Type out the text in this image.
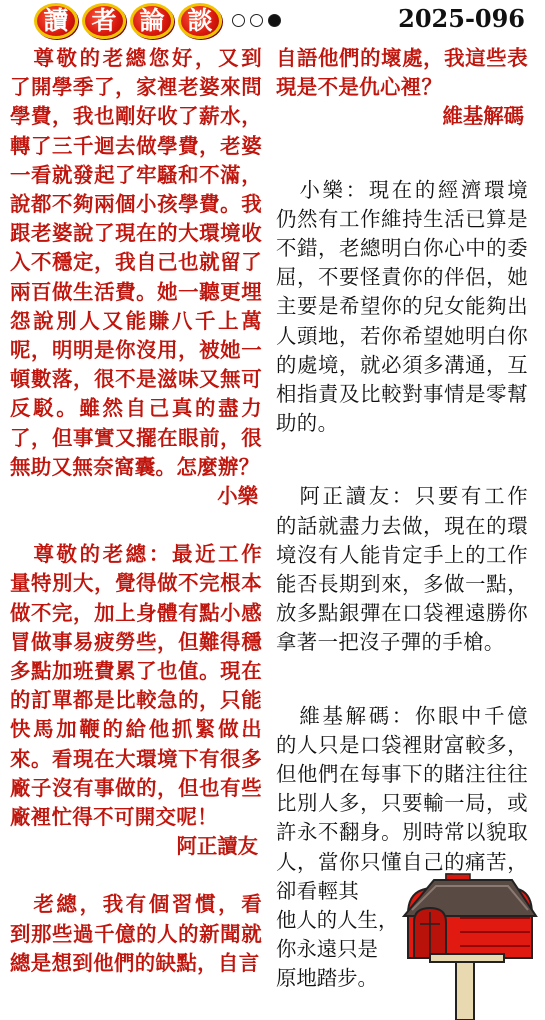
讀 者 論 談	2025-096

尊敬的老總您好，又到了開學季了，家裡老婆來問學費，我也剛好收了薪水，轉了三千迴去做學費，老婆一看就發起了牢騷和不滿，說都不夠兩個小孩學費。我跟老婆說了現在的大環境收入不穩定，我自己也就留了兩百做生活費。她一聽更埋怨說別人又能賺八千上萬呢，明明是你沒用，被她一頓數落，很不是滋味又無可反駁。雖然自己真的盡力了，但事實又擺在眼前，很無助又無奈窩囊。怎麼辦？

小樂

尊敬的老總：最近工作量特別大，覺得做不完根本做不完，加上身體有點小感冒做事易疲勞些，但難得穩多點加班費累了也值。現在的訂單都是比較急的，只能快馬加鞭的給他抓緊做出來。看現在大環境下有很多廠子沒有事做的，但也有些廠裡忙得不可開交呢！

阿正讀友

老總，我有個習慣，看到那些過千億的人的新聞就總是想到他們的缺點，自言

自語他們的壞處，我這些表現是不是仇心裡？

維基解碼

小樂：現在的經濟環境仍然有工作維持生活已算是不錯，老總明白你心中的委屈，不要怪責你的伴侶，她主要是希望你的兒女能夠出人頭地，若你希望她明白你的處境，就必須多溝通，互相指責及比較對事情是零幫助的。

阿正讀友：只要有工作的話就盡力去做，現在的環境沒有人能肯定手上的工作能否長期到來，多做一點，放多點銀彈在口袋裡遠勝你拿著一把沒子彈的手槍。

維基解碼：你眼中千億的人只是口袋裡財富較多，但他們在每事下的賭注往往比別人多，只要輸一局，或許永不翻身。別時常以貌取人，當你只懂自己的痛苦，卻看輕其

他人的人生，
你永遠只是
原地踏步。
